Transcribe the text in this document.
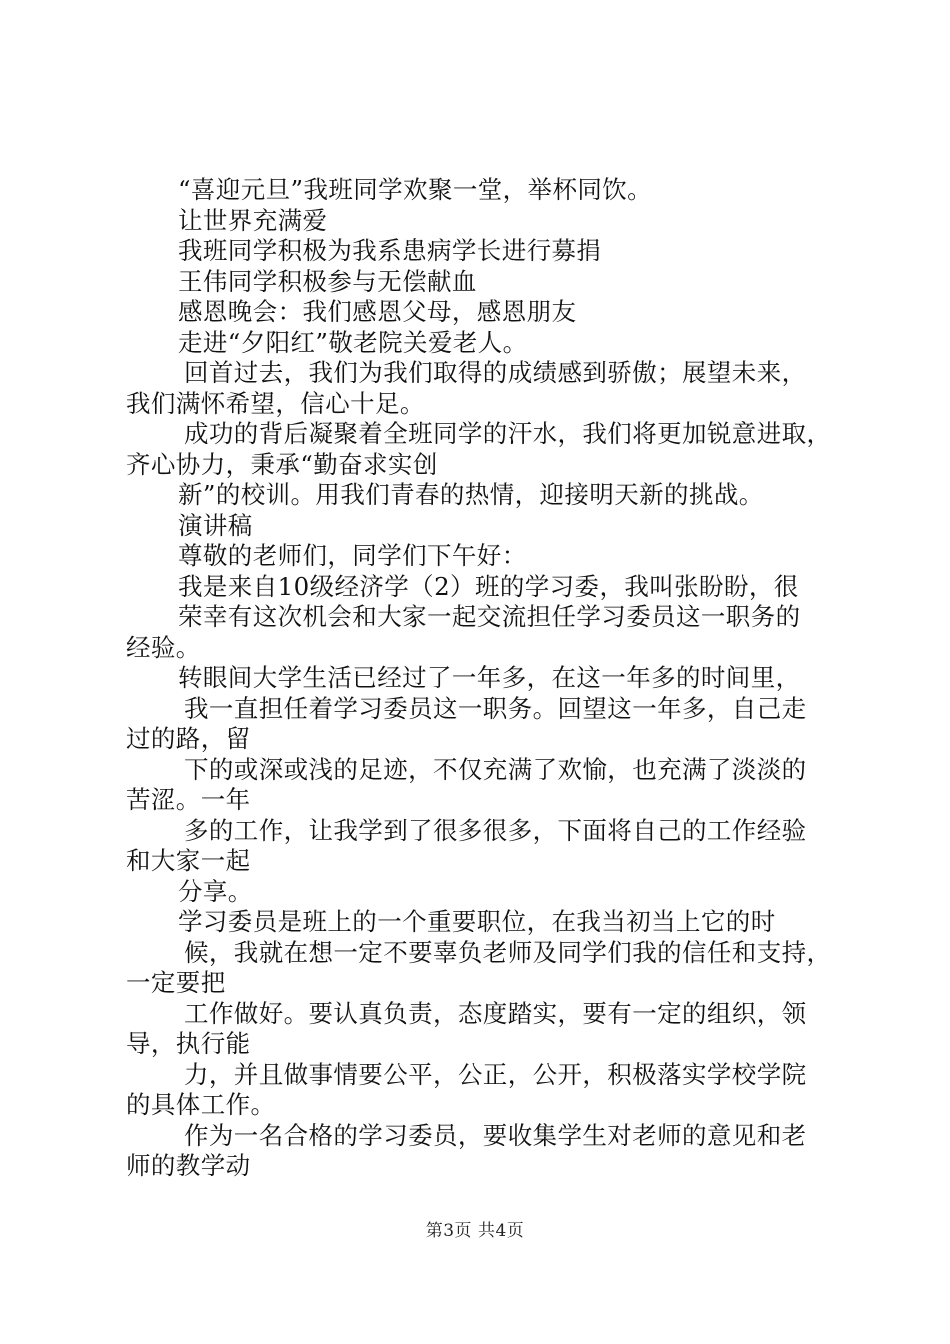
“喜迎元旦”我班同学欢聚一堂，举杯同饮。
让世界充满爱
我班同学积极为我系患病学长进行募捐
王伟同学积极参与无偿献血
感恩晚会：我们感恩父母，感恩朋友
走进“夕阳红”敬老院关爱老人。
回首过去，我们为我们取得的成绩感到骄傲；展望未来，
我们满怀希望，信心十足。
成功的背后凝聚着全班同学的汗水，我们将更加锐意进取，
齐心协力，秉承“勤奋求实创
新”的校训。用我们青春的热情，迎接明天新的挑战。
演讲稿
尊敬的老师们，同学们下午好：
我是来自10级经济学（2）班的学习委，我叫张盼盼，很
荣幸有这次机会和大家一起交流担任学习委员这一职务的
经验。
转眼间大学生活已经过了一年多，在这一年多的时间里，
我一直担任着学习委员这一职务。回望这一年多，自己走
过的路，留
下的或深或浅的足迹，不仅充满了欢愉，也充满了淡淡的
苦涩。一年
多的工作，让我学到了很多很多，下面将自己的工作经验
和大家一起
分享。
学习委员是班上的一个重要职位，在我当初当上它的时
候，我就在想一定不要辜负老师及同学们我的信任和支持，
一定要把
工作做好。要认真负责，态度踏实，要有一定的组织，领
导，执行能
力，并且做事情要公平，公正，公开，积极落实学校学院
的具体工作。
作为一名合格的学习委员，要收集学生对老师的意见和老
师的教学动
第3页 共4页
